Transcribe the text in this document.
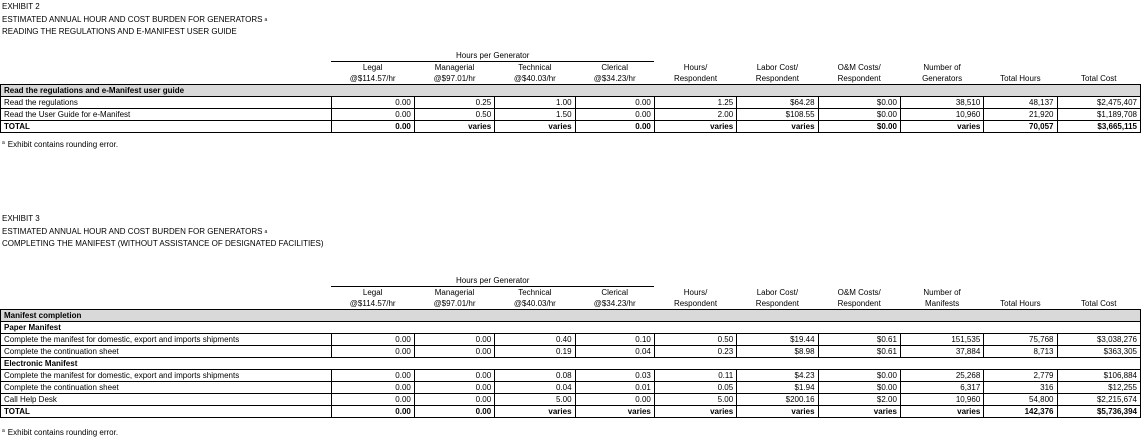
EXHIBIT 2
ESTIMATED ANNUAL HOUR AND COST BURDEN FOR GENERATORS $^a$
READING THE REGULATIONS AND E-MANIFEST USER GUIDE
	Hours per Generator									
	Legal	Managerial	Technical	Clerical	Hours/	Labor Cost/	O&M Costs/	Number of		
	@$114.57/hr	@$97.01/hr	@$40.03/hr	@$34.23/hr	Respondent	Respondent	Respondent	Generators	Total Hours	Total Cost
Read the regulations and e-Manifest user guide										
Read the regulations	0.00	0.25	1.00	0.00	1.25	$64.28	$0.00	38,510	48,137	$2,475,407
Read the User Guide for e-Manifest	0.00	0.50	1.50	0.00	2.00	$108.55	$0.00	10,960	21,920	$1,189,708
TOTAL	0.00	varies	varies	0.00	varies	varies	$0.00	varies	70,057	$3,665,115
$^a$ Exhibit contains rounding error.
EXHIBIT 3
ESTIMATED ANNUAL HOUR AND COST BURDEN FOR GENERATORS $^a$
COMPLETING THE MANIFEST (WITHOUT ASSISTANCE OF DESIGNATED FACILITIES)
	Hours per Generator									
	Legal	Managerial	Technical	Clerical	Hours/	Labor Cost/	O&M Costs/	Number of		
	@$114.57/hr	@$97.01/hr	@$40.03/hr	@$34.23/hr	Respondent	Respondent	Respondent	Manifests	Total Hours	Total Cost
Manifest completion										
Paper Manifest										
Complete the manifest for domestic, export and imports shipments	0.00	0.00	0.40	0.10	0.50	$19.44	$0.61	151,535	75,768	$3,038,276
Complete the continuation sheet	0.00	0.00	0.19	0.04	0.23	$8.98	$0.61	37,884	8,713	$363,305
Electronic Manifest										
Complete the manifest for domestic, export and imports shipments	0.00	0.00	0.08	0.03	0.11	$4.23	$0.00	25,268	2,779	$106,884
Complete the continuation sheet	0.00	0.00	0.04	0.01	0.05	$1.94	$0.00	6,317	316	$12,255
Call Help Desk	0.00	0.00	5.00	0.00	5.00	$200.16	$2.00	10,960	54,800	$2,215,674
TOTAL	0.00	0.00	varies	varies	varies	varies	varies	varies	142,376	$5,736,394
$^a$ Exhibit contains rounding error.
